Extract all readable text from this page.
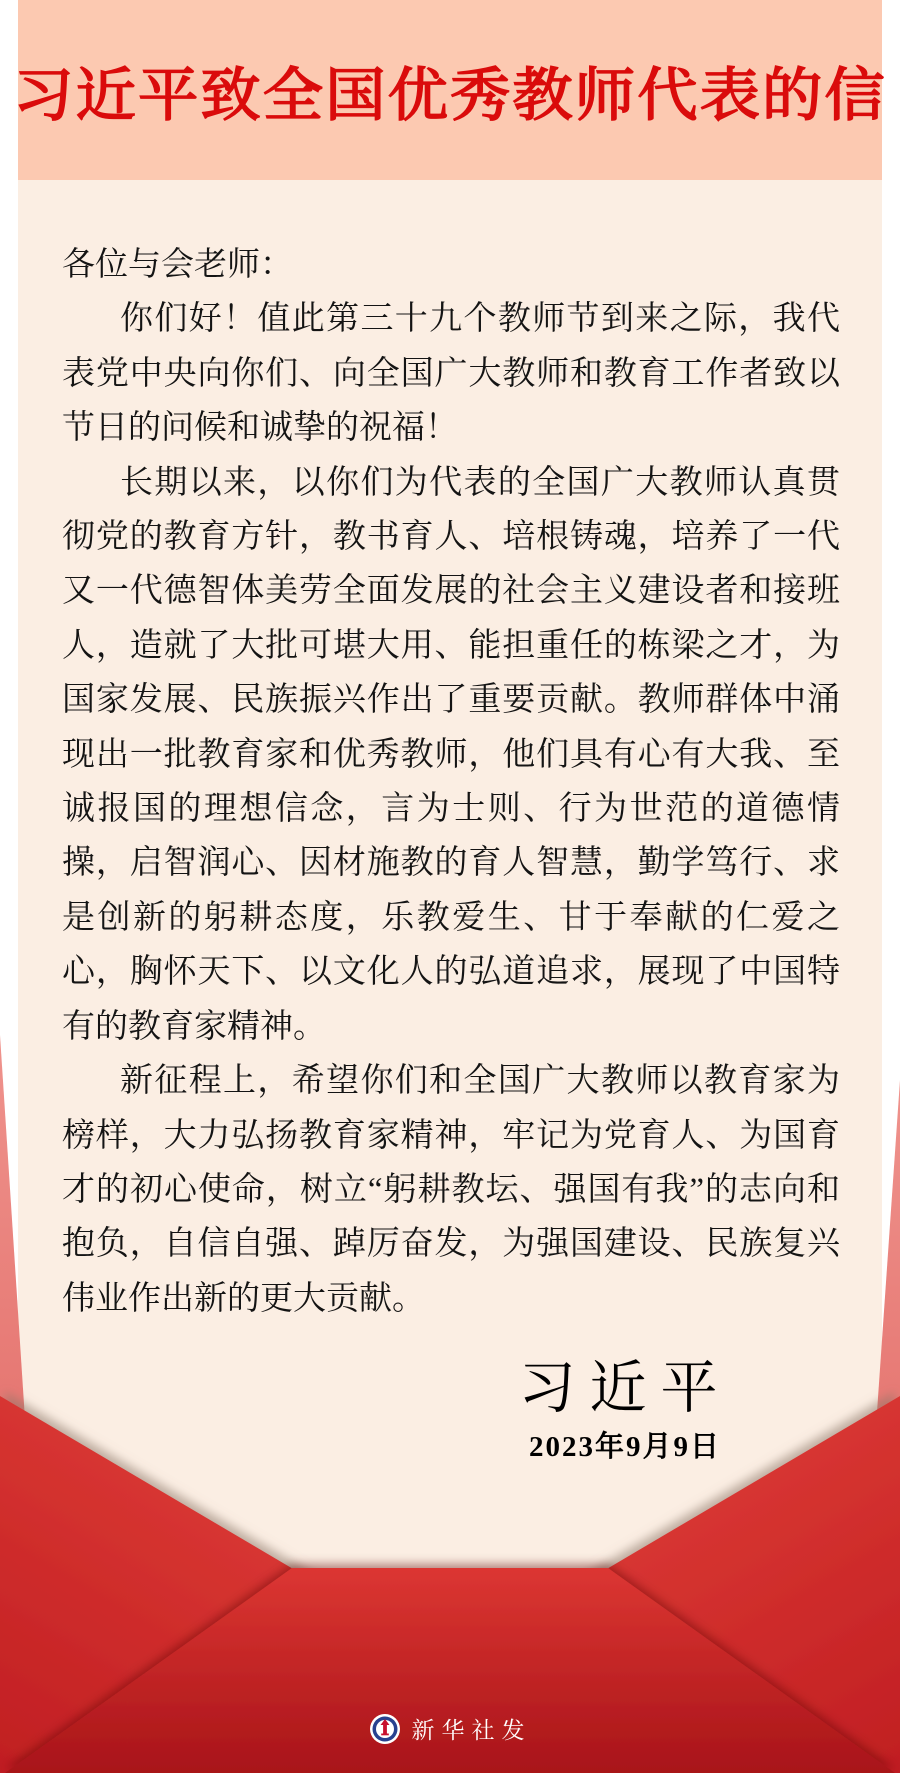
习近平致全国优秀教师代表的信

各位与会老师：

你们好！值此第三十九个教师节到来之际，我代表党中央向你们、向全国广大教师和教育工作者致以节日的问候和诚挚的祝福！

长期以来，以你们为代表的全国广大教师认真贯彻党的教育方针，教书育人、培根铸魂，培养了一代又一代德智体美劳全面发展的社会主义建设者和接班人，造就了大批可堪大用、能担重任的栋梁之才，为国家发展、民族振兴作出了重要贡献。教师群体中涌现出一批教育家和优秀教师，他们具有心有大我、至诚报国的理想信念，言为士则、行为世范的道德情操，启智润心、因材施教的育人智慧，勤学笃行、求是创新的躬耕态度，乐教爱生、甘于奉献的仁爱之心，胸怀天下、以文化人的弘道追求，展现了中国特有的教育家精神。

新征程上，希望你们和全国广大教师以教育家为榜样，大力弘扬教育家精神，牢记为党育人、为国育才的初心使命，树立“躬耕教坛、强国有我”的志向和抱负，自信自强、踔厉奋发，为强国建设、民族复兴伟业作出新的更大贡献。

习近平
2023年9月9日
新华社发
